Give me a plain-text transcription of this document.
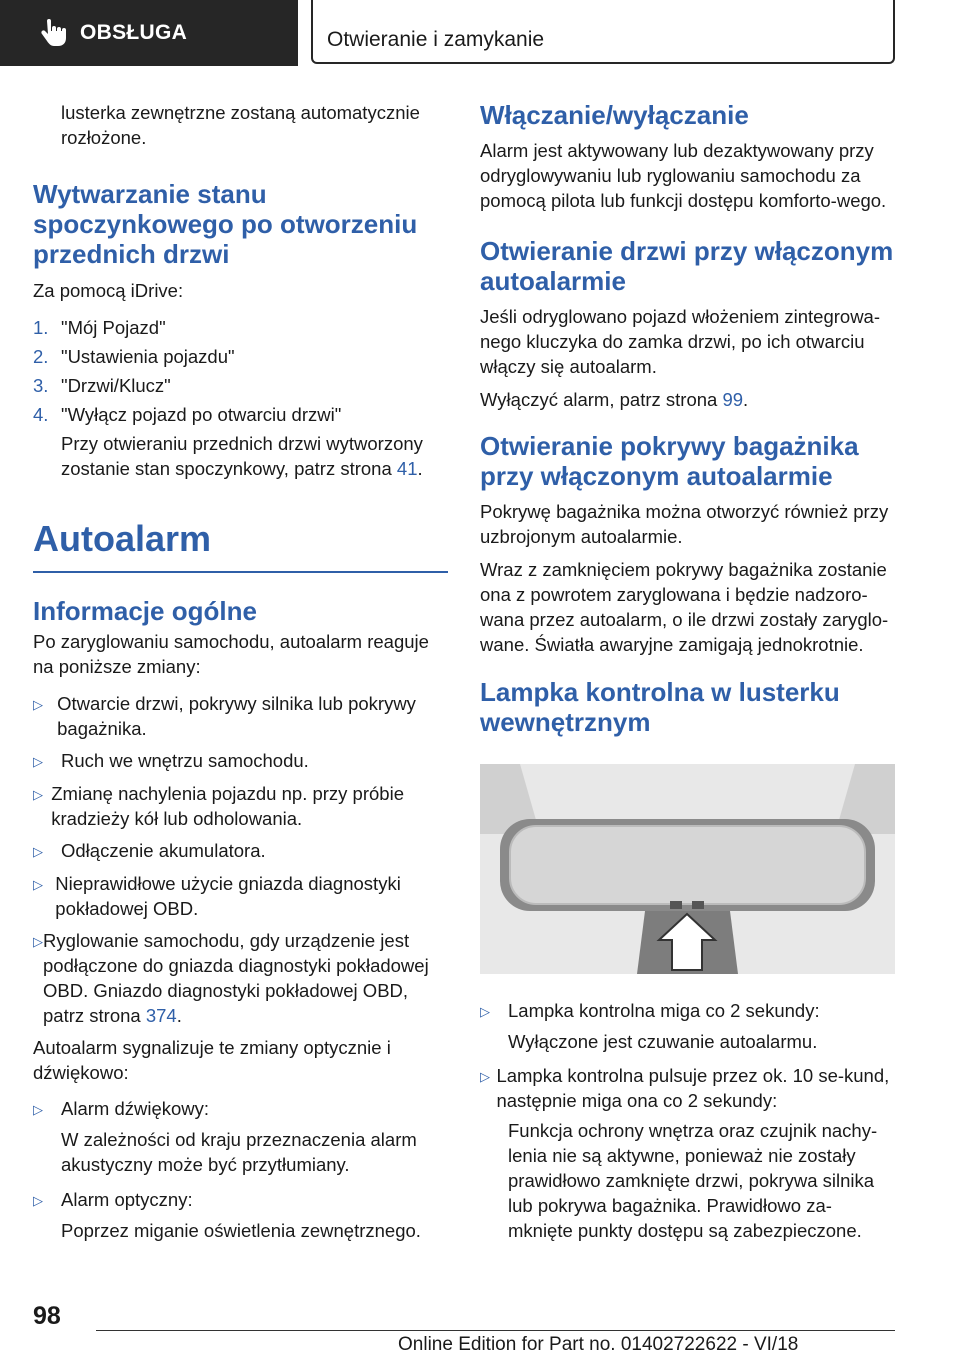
OBSŁUGA	Otwieranie i zamykanie

lusterka zewnętrzne zostaną automatycznie rozłożone.

Wytwarzanie stanu spoczynkowego po otworzeniu przednich drzwi

Za pomocą iDrive:

1. "Mój Pojazd"
2. "Ustawienia pojazdu"
3. "Drzwi/Klucz"
4. "Wyłącz pojazd po otwarciu drzwi"

Przy otwieraniu przednich drzwi wytworzony zostanie stan spoczynkowy, patrz strona 41.

Autoalarm
Informacje ogólne

Po zaryglowaniu samochodu, autoalarm reaguje na poniższe zmiany:

▷ Otwarcie drzwi, pokrywy silnika lub pokrywy bagażnika.
▷ Ruch we wnętrzu samochodu.
▷ Zmianę nachylenia pojazdu np. przy próbie kradzieży kół lub odholowania.
▷ Odłączenie akumulatora.
▷ Nieprawidłowe użycie gniazda diagnostyki pokładowej OBD.
▷ Ryglowanie samochodu, gdy urządzenie jest podłączone do gniazda diagnostyki pokładowej OBD. Gniazdo diagnostyki pokładowej OBD, patrz strona 374.

Autoalarm sygnalizuje te zmiany optycznie i dźwiękowo:

▷ Alarm dźwiękowy:

W zależności od kraju przeznaczenia alarm akustyczny może być przytłumiany.

▷ Alarm optyczny:

Poprzez miganie oświetlenia zewnętrznego.

Włączanie/wyłączanie

Alarm jest aktywowany lub dezaktywowany przy odryglowywaniu lub ryglowaniu samochodu za pomocą pilota lub funkcji dostępu komforto-wego.

Otwieranie drzwi przy włączonym autoalarmie

Jeśli odryglowano pojazd włożeniem zintegrowa-nego kluczyka do zamka drzwi, po ich otwarciu włączy się autoalarm.

Wyłączyć alarm, patrz strona 99.

Otwieranie pokrywy bagażnika przy włączonym autoalarmie

Pokrywę bagażnika można otworzyć również przy uzbrojonym autoalarmie.

Wraz z zamknięciem pokrywy bagażnika zostanie ona z powrotem zaryglowana i będzie nadzoro-wana przez autoalarm, o ile drzwi zostały zaryglo-wane. Światła awaryjne zamigają jednokrotnie.

Lampka kontrolna w lusterku wewnętrznym
▷ Lampka kontrolna miga co 2 sekundy:

Wyłączone jest czuwanie autoalarmu.

▷ Lampka kontrolna pulsuje przez ok. 10 se-kund, następnie miga ona co 2 sekundy:

Funkcja ochrony wnętrza oraz czujnik nachy-lenia nie są aktywne, ponieważ nie zostały prawidłowo zamknięte drzwi, pokrywa silnika lub pokrywa bagażnika. Prawidłowo za-mknięte punkty dostępu są zabezpieczone.

98
Online Edition for Part no. 01402722622 - VI/18
